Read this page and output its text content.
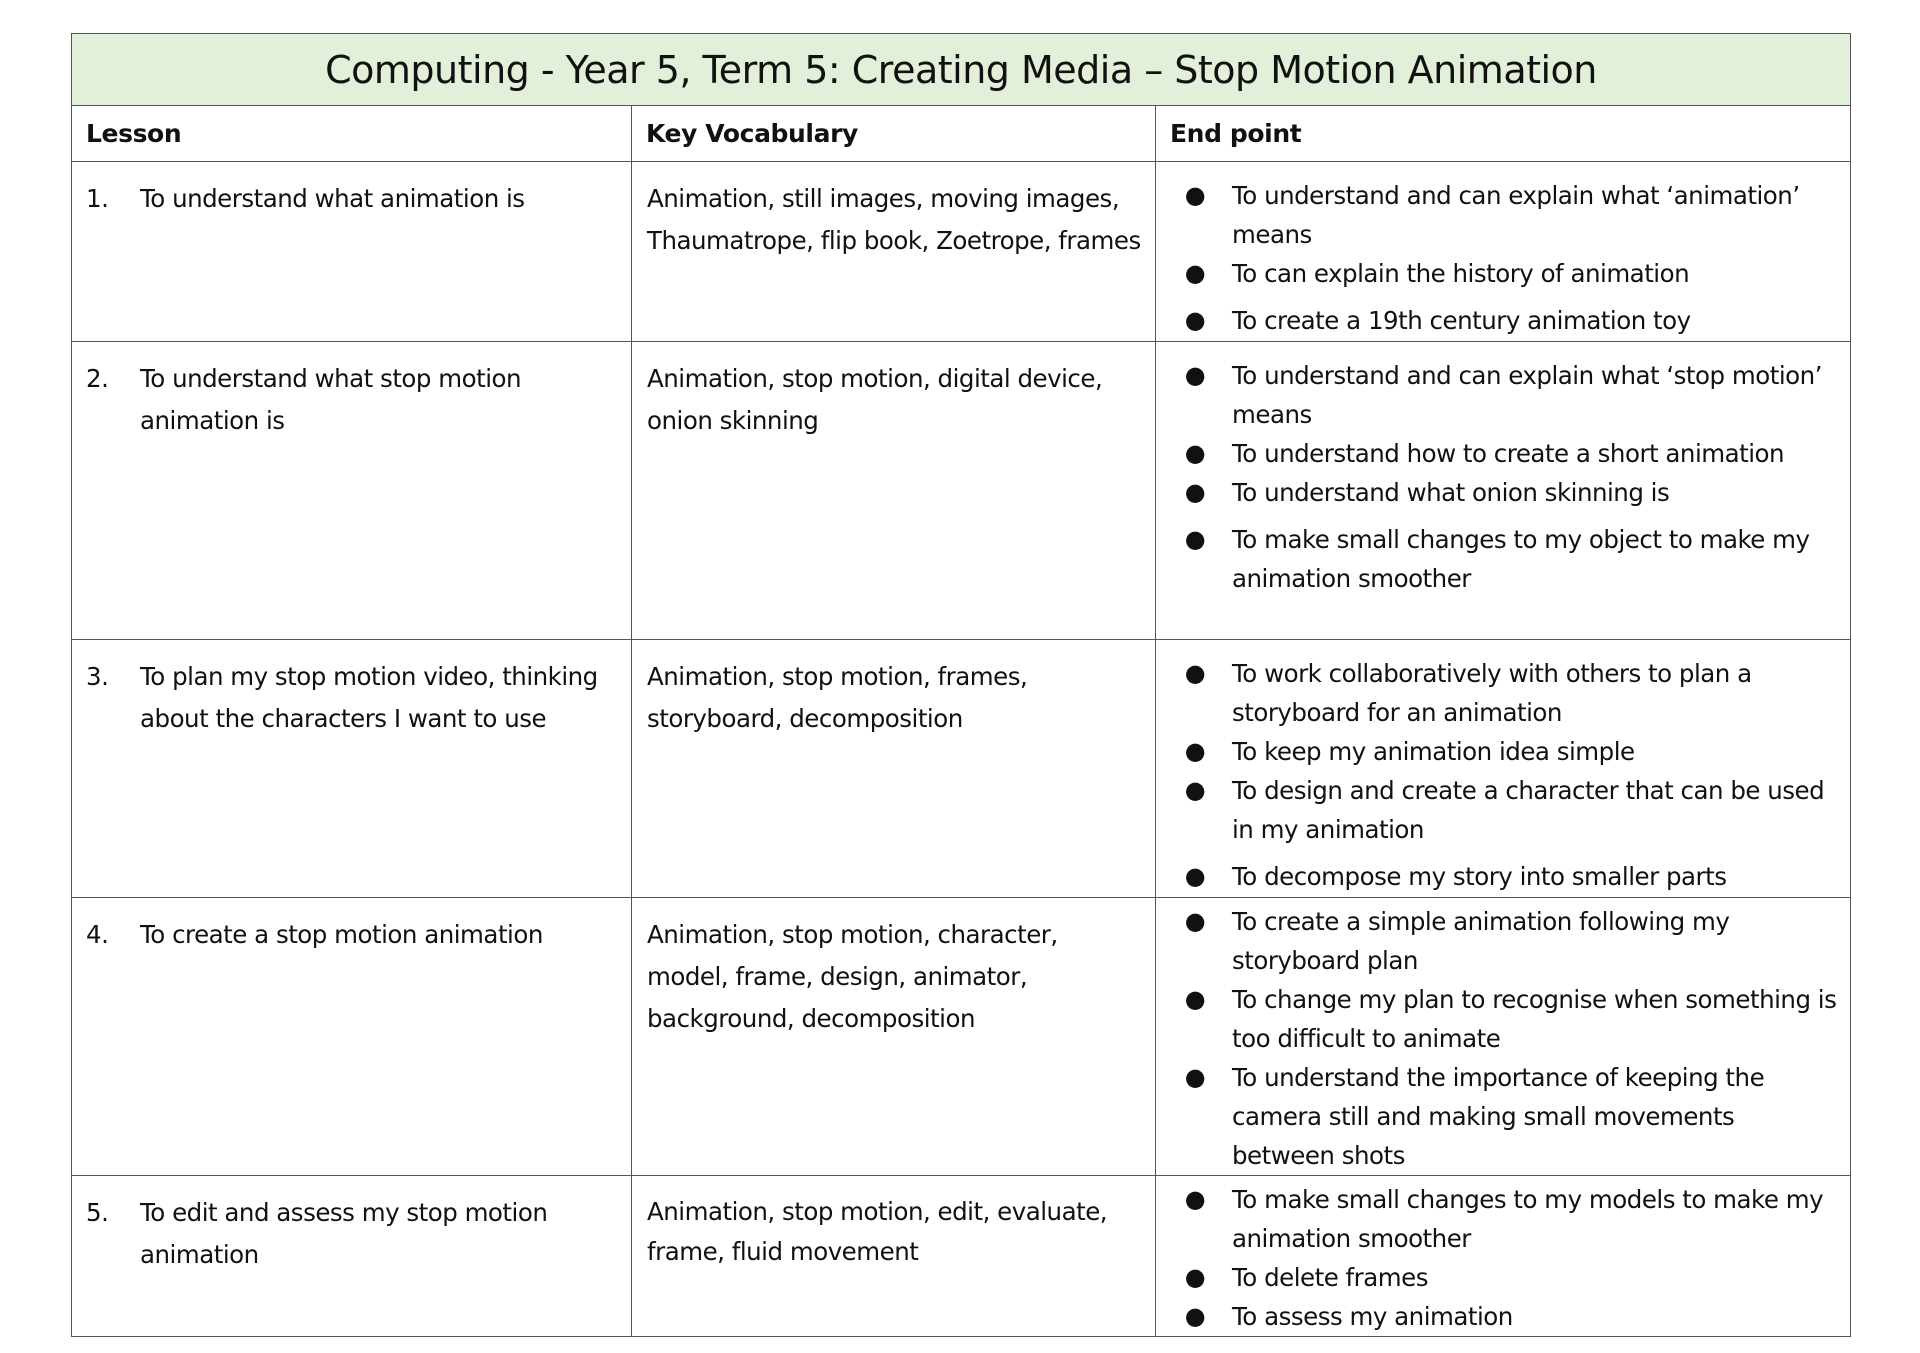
Computing - Year 5, Term 5: Creating Media – Stop Motion Animation		
Lesson	Key Vocabulary	End point

1.	To understand what animation is	Animation, still images, moving images, Thaumatrope, flip book, Zoetrope, frames	
●	To understand and can explain what ‘animation’ means
●	To can explain the history of animation
●	To create a 19th century animation toy

2.	To understand what stop motion animation is
	Animation, stop motion, digital device, onion skinning	
●	To understand and can explain what ‘stop motion’ means
●	To understand how to create a short animation
●	To understand what onion skinning is
●	To make small changes to my object to make my animation smoother

3.	To plan my stop motion video, thinking about the characters I want to use
	Animation, stop motion, frames, storyboard, decomposition	
●	To work collaboratively with others to plan a storyboard for an animation
●	To keep my animation idea simple
●	To design and create a character that can be used in my animation
●	To decompose my story into smaller parts

4.	To create a stop motion animation	Animation, stop motion, character, model, frame, design, animator, background, decomposition	
●	To create a simple animation following my storyboard plan
●	To change my plan to recognise when something is too difficult to animate
●	To understand the importance of keeping the camera still and making small movements between shots

5.	To edit and assess my stop motion animation
	Animation, stop motion, edit, evaluate, frame, fluid movement	
●	To make small changes to my models to make my animation smoother
●	To delete frames
●	To assess my animation
